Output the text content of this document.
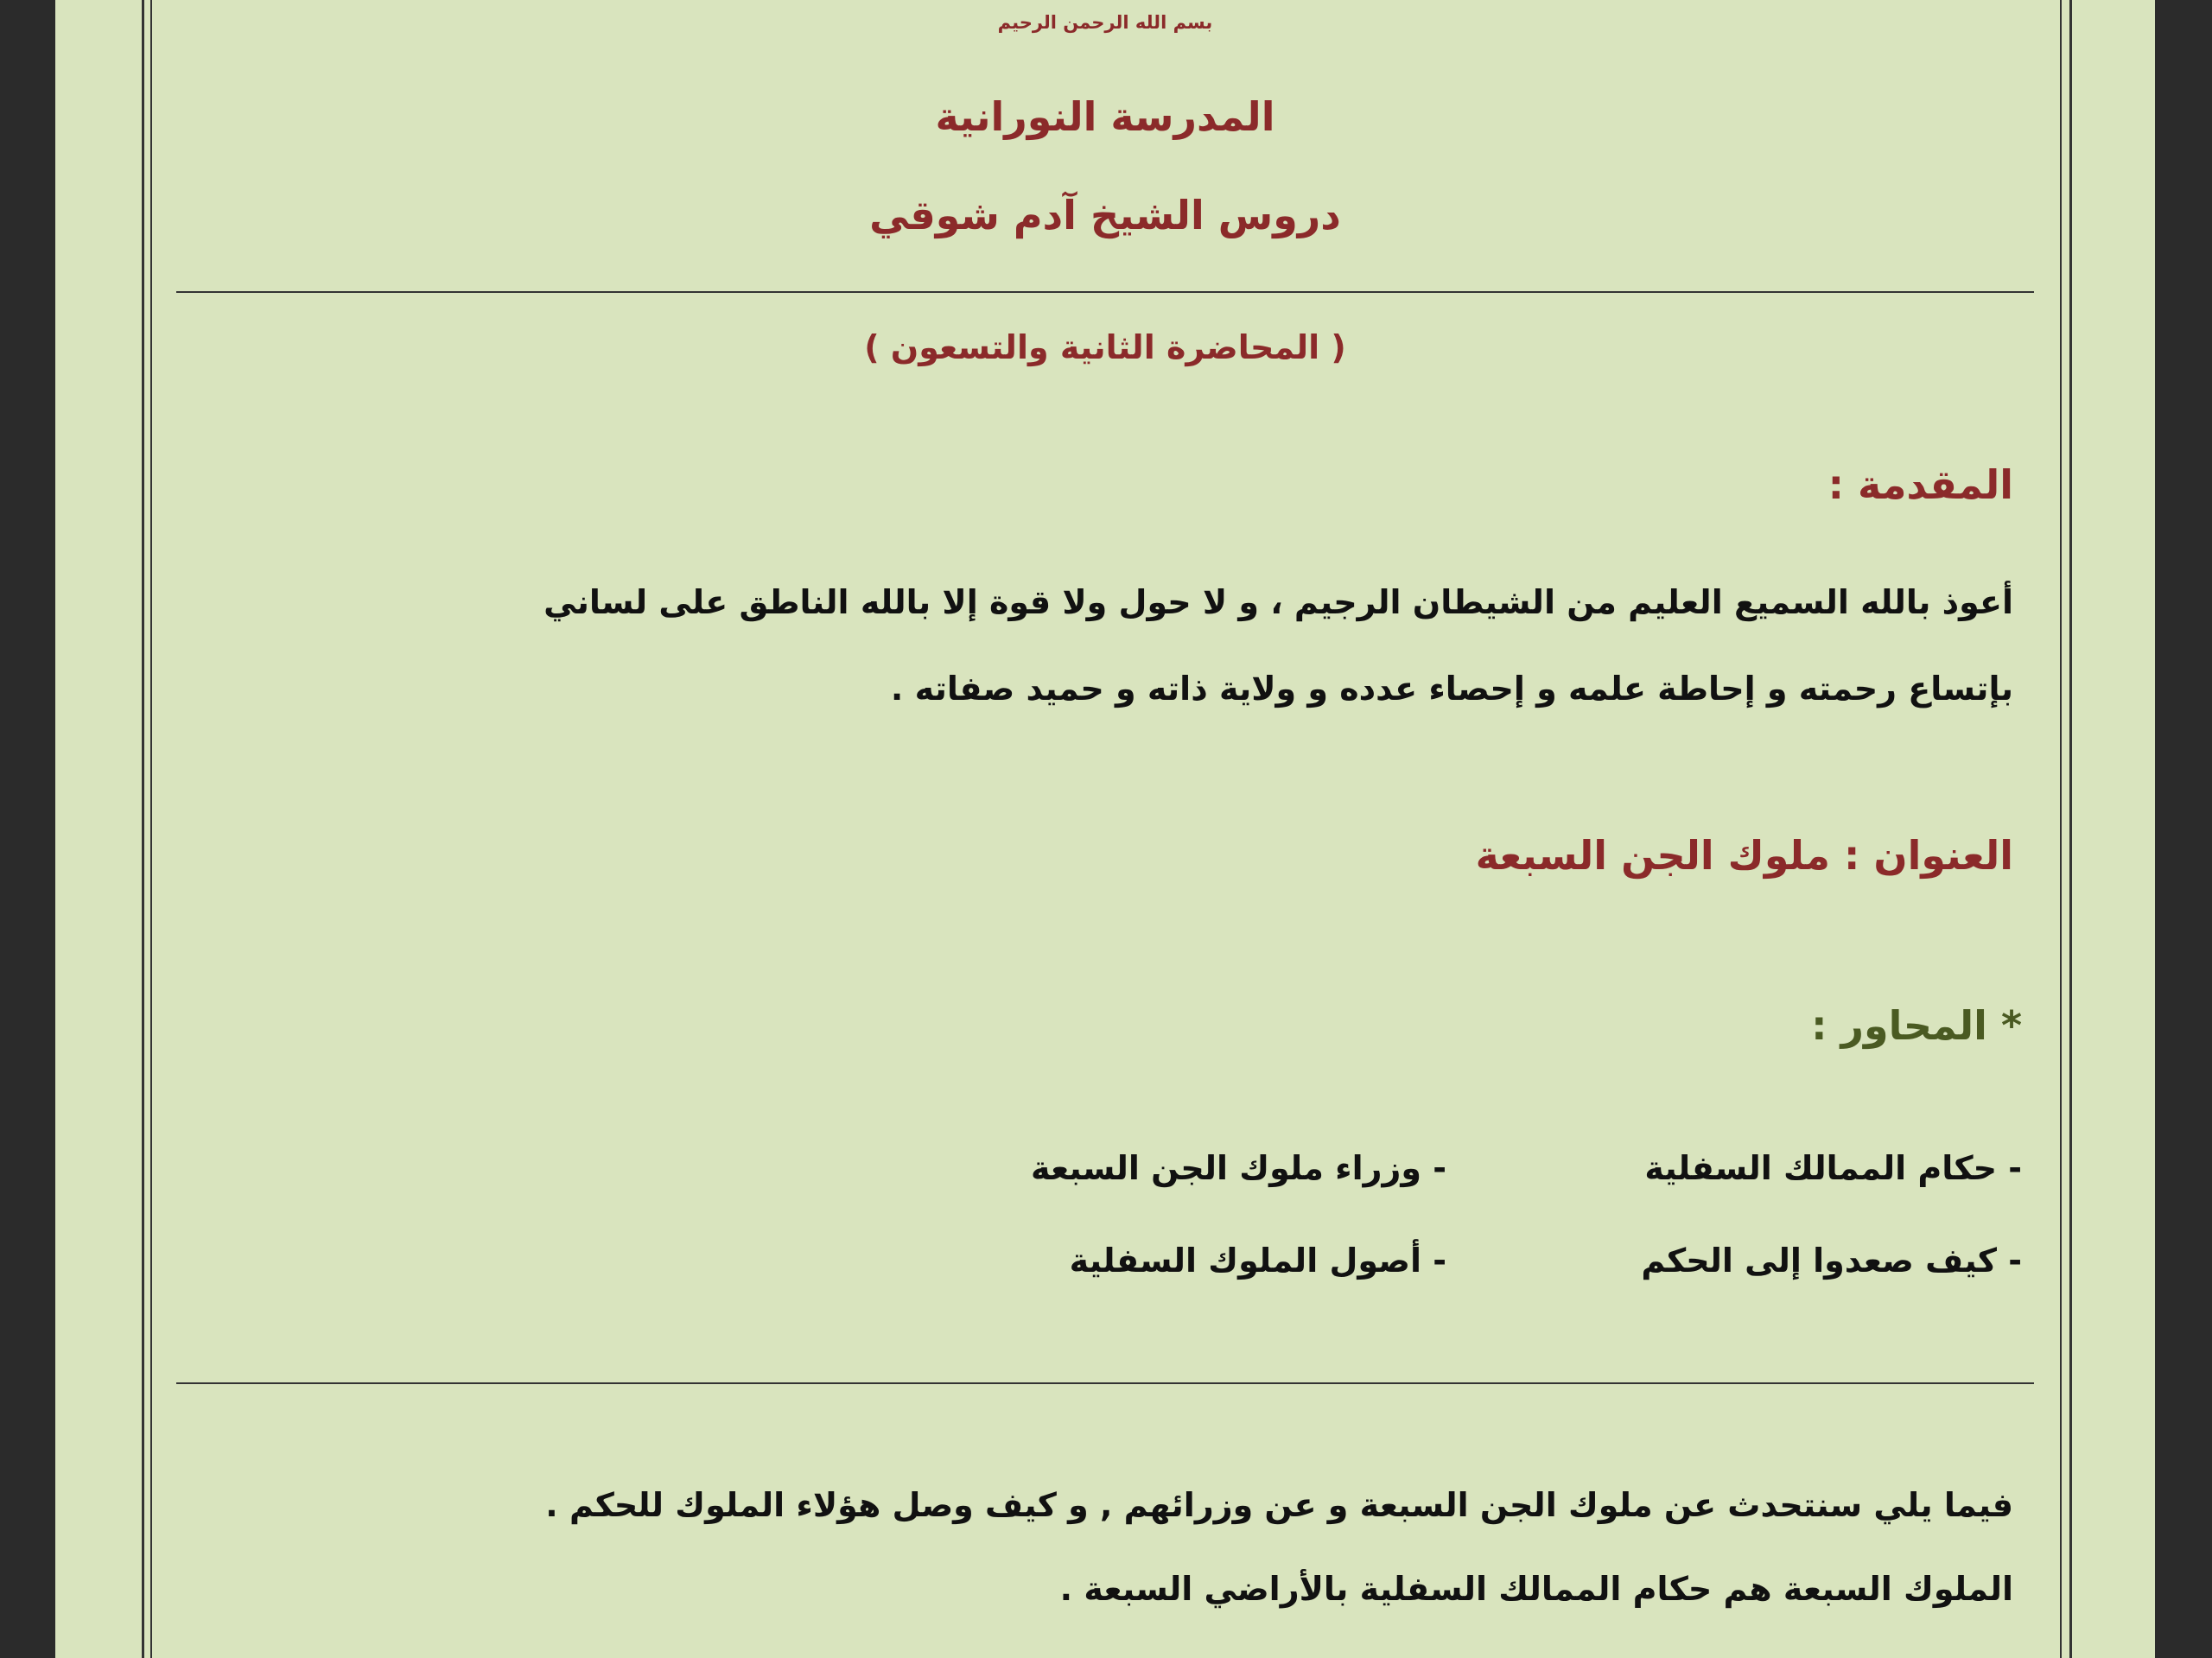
بسم الله الرحمن الرحيم
المدرسة النورانية
دروس الشيخ آدم شوقي
( المحاضرة الثانية والتسعون )
المقدمة :
أعوذ بالله السميع العليم من الشيطان الرجيم ، و لا حول ولا قوة إلا بالله الناطق على لساني
بإتساع رحمته و إحاطة علمه و إحصاء عدده و ولاية ذاته و حميد صفاته .
العنوان : ملوك الجن السبعة
* المحاور :
- حكام الممالك السفلية
- وزراء ملوك الجن السبعة
- كيف صعدوا إلى الحكم
- أصول الملوك السفلية
فيما يلي سنتحدث عن ملوك الجن السبعة و عن وزرائهم , و كيف وصل هؤلاء الملوك للحكم .
الملوك السبعة هم حكام الممالك السفلية بالأراضي السبعة .
